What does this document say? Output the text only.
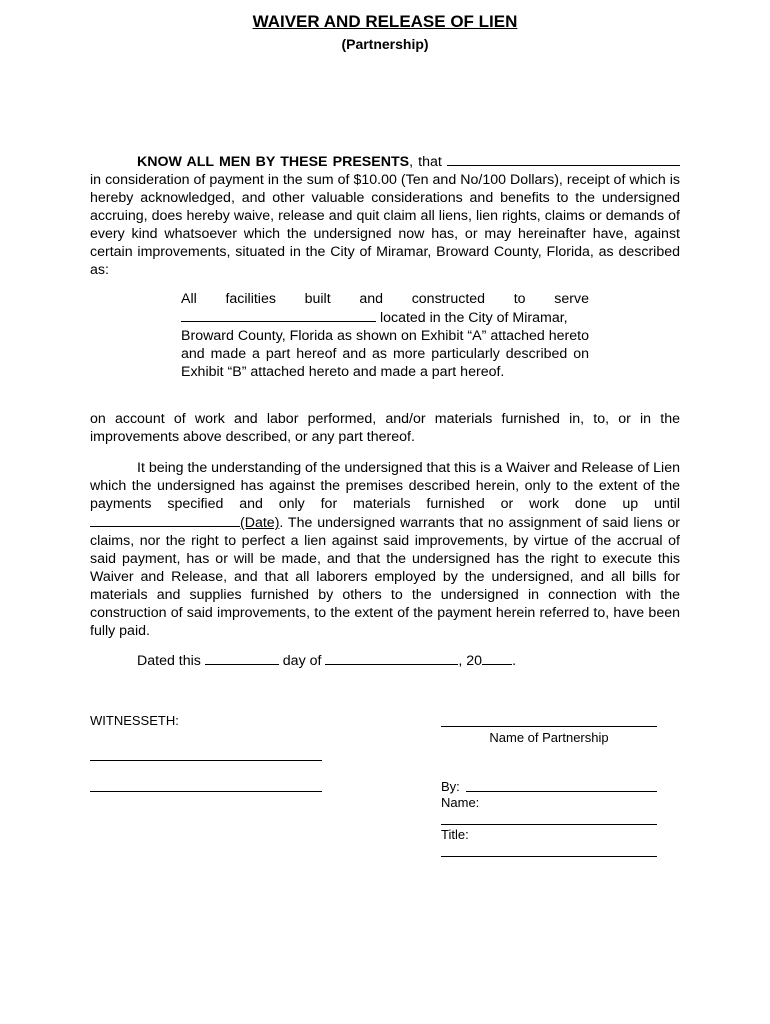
WAIVER AND RELEASE OF LIEN
(Partnership)
KNOW ALL MEN BY THESE PRESENTS, that in consideration of payment in the sum of $10.00 (Ten and No/100 Dollars), receipt of which is hereby acknowledged, and other valuable considerations and benefits to the undersigned accruing, does hereby waive, release and quit claim all liens, lien rights, claims or demands of every kind whatsoever which the undersigned now has, or may hereinafter have, against certain improvements, situated in the City of Miramar, Broward County, Florida, as described as:
All facilities built and constructed to serve
located in the City of Miramar,
Broward County, Florida as shown on Exhibit “A” attached hereto and made a part hereof and as more particularly described on Exhibit “B” attached hereto and made a part hereof.
on account of work and labor performed, and/or materials furnished in, to, or in the improvements above described, or any part thereof.
It being the understanding of the undersigned that this is a Waiver and Release of Lien which the undersigned has against the premises described herein, only to the extent of the payments specified and only for materials furnished or work done up until (Date). The undersigned warrants that no assignment of said liens or claims, nor the right to perfect a lien against said improvements, by virtue of the accrual of said payment, has or will be made, and that the undersigned has the right to execute this Waiver and Release, and that all laborers employed by the undersigned, and all bills for materials and supplies furnished by others to the undersigned in connection with the construction of said improvements, to the extent of the payment herein referred to, have been fully paid.
Dated this	day of	, 20 .
WITNESSETH:
Name of Partnership
By:
Name:
Title:
